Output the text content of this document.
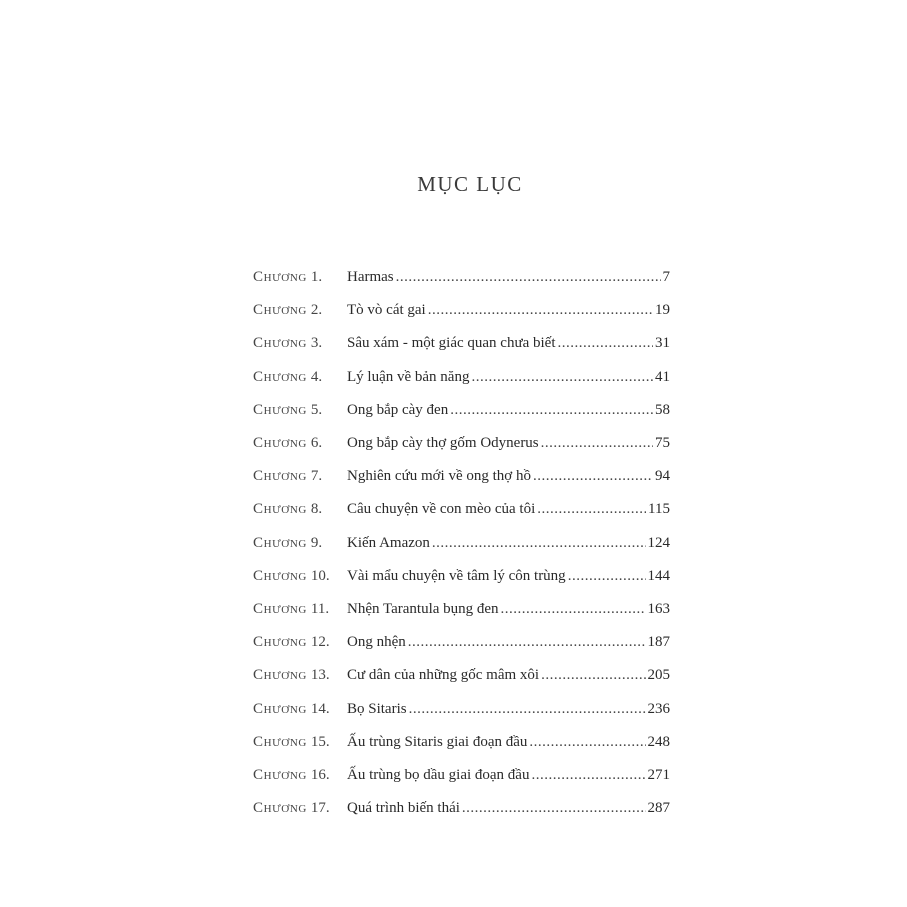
MỤC LỤC
Chương 1. Harmas .....	7
Chương 2. Tò vò cát gai .....	19
Chương 3. Sâu xám - một giác quan chưa biết .....	31
Chương 4. Lý luận về bản năng .....	41
Chương 5. Ong bắp cày đen .....	58
Chương 6. Ong bắp cày thợ gốm Odynerus .....	75
Chương 7. Nghiên cứu mới về ong thợ hồ .....	94
Chương 8. Câu chuyện về con mèo của tôi .....	115
Chương 9. Kiến Amazon .....	124
Chương 10. Vài mẩu chuyện về tâm lý côn trùng .....	144
Chương 11. Nhện Tarantula bụng đen .....	163
Chương 12. Ong nhện .....	187
Chương 13. Cư dân của những gốc mâm xôi .....	205
Chương 14. Bọ Sitaris .....	236
Chương 15. Ấu trùng Sitaris giai đoạn đầu .....	248
Chương 16. Ấu trùng bọ dầu giai đoạn đầu .....	271
Chương 17. Quá trình biến thái .....	287
